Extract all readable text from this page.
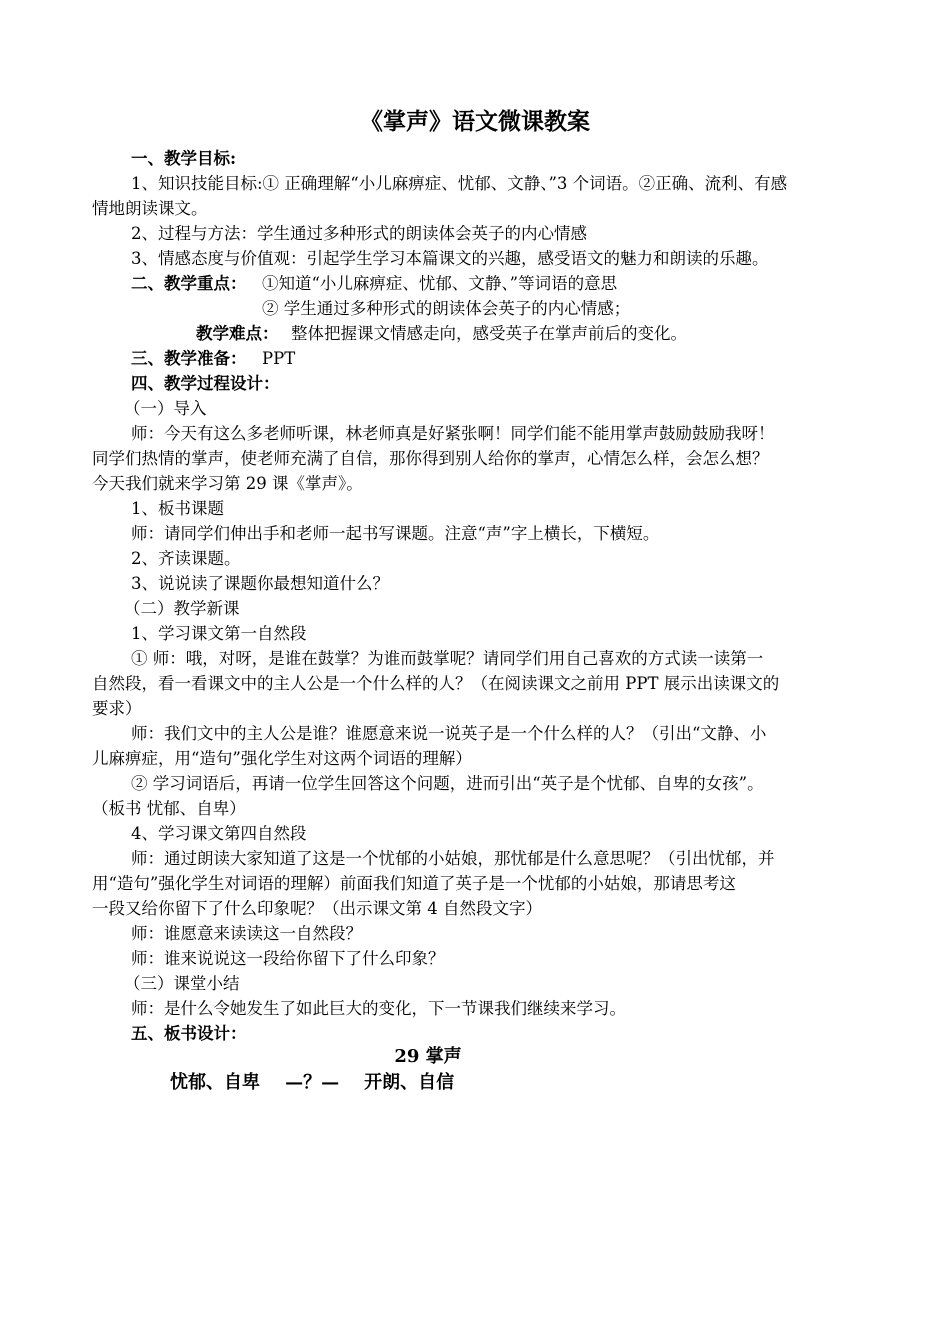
《掌声》语文微课教案
一、教学目标:
1、知识技能目标:① 正确理解“小儿麻痹症、忧郁、文静、”3 个词语。②正确、流利、有感
情地朗读课文。
2、过程与方法：学生通过多种形式的朗读体会英子的内心情感
3、情感态度与价值观：引起学生学习本篇课文的兴趣，感受语文的魅力和朗读的乐趣。
二、教学重点： ①知道“小儿麻痹症、忧郁、文静、”等词语的意思
② 学生通过多种形式的朗读体会英子的内心情感；
教学难点： 整体把握课文情感走向，感受英子在掌声前后的变化。
三、教学准备： PPT
四、教学过程设计：
（一）导入
师：今天有这么多老师听课，林老师真是好紧张啊！同学们能不能用掌声鼓励鼓励我呀！
同学们热情的掌声，使老师充满了自信，那你得到别人给你的掌声，心情怎么样，会怎么想？
今天我们就来学习第 29 课《掌声》。
1、板书课题
师：请同学们伸出手和老师一起书写课题。注意“声”字上横长，下横短。
2、齐读课题。
3、说说读了课题你最想知道什么？
（二）教学新课
1、学习课文第一自然段
① 师：哦，对呀，是谁在鼓掌？为谁而鼓掌呢？请同学们用自己喜欢的方式读一读第一
自然段，看一看课文中的主人公是一个什么样的人？（在阅读课文之前用 PPT 展示出读课文的
要求）
师：我们文中的主人公是谁？谁愿意来说一说英子是一个什么样的人？（引出“文静、小
儿麻痹症，用“造句”强化学生对这两个词语的理解）
② 学习词语后，再请一位学生回答这个问题，进而引出“英子是个忧郁、自卑的女孩”。
（板书 忧郁、自卑）
4、学习课文第四自然段
师：通过朗读大家知道了这是一个忧郁的小姑娘，那忧郁是什么意思呢？（引出忧郁，并
用“造句”强化学生对词语的理解）前面我们知道了英子是一个忧郁的小姑娘，那请思考这
一段又给你留下了什么印象呢？（出示课文第 4 自然段文字）
师：谁愿意来读读这一自然段？
师：谁来说说这一段给你留下了什么印象？
（三）课堂小结
师：是什么令她发生了如此巨大的变化，下一节课我们继续来学习。
五、板书设计：
29 掌声
忧郁、自卑    —？—    开朗、自信
